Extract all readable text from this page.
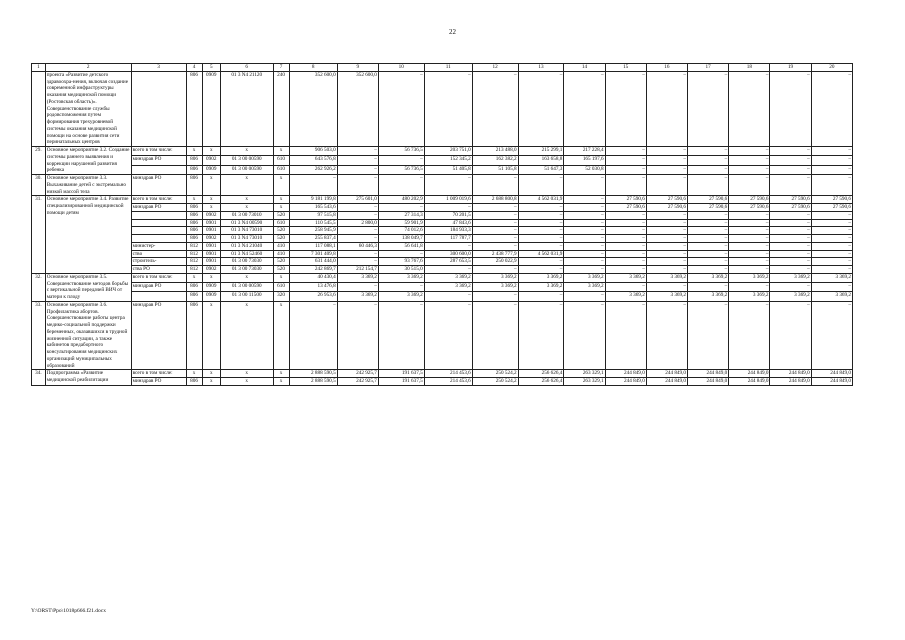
22
1	2	3	4	5	6	7	8	9	10	11	12	13	14	15	16	17	18	19	20
	проекта «Развитие детского здравоохра-нения, включая создание современной инфраструктуры оказания медицинской помощи (Ростовская область)». Совершенствование службы родовспоможения путем формирования трехуровневой системы оказания медицинской помощи на основе развития сети перинатальных центров		806	0909	01 3 N4 21120	240	352 600,0	352 600,0	–	–	–	–	–	–	–	–	–	–	–
29.	Основное мероприятие 3.2. Создание системы раннего выявления и коррекции нарушений развития ребенка	всего в том числе:	x	x	x	x	906 503,0	–	56 736,5	203 751,0	213 488,0	215 299,1	217 228,4	–	–	–	–	–	–
		минздрав РО	806	0902	01 3 00 00590	610	643 576,8	–	–	152 345,2	162 382,2	163 658,8	165 197,6	–	–	–	–	–	–
			806	0909	01 3 00 00590	610	262 926,2	–	56 736,5	51 405,8	51 105,8	51 647,3	52 030,8	–	–	–	–	–	–
30.	Основное мероприятие 3.3. Выхаживание детей с экстремально низкой массой тела	минздрав РО	806	x	x	x	–	–	–	–	–	–	–	–	–	–	–	–	–
31.	Основное мероприятие 3.4. Развитие специализированной медицинской помощи детям	всего в том числе:	x	x	x	x	9 181 199,8	275 601,0	480 202,9	1 009 019,6	2 688 800,8	4 562 031,9	–	27 590,6	27 590,6	27 590,6	27 590,6	27 590,6	27 590,6
		минздрав РО	806	x	x	x	165 543,6	–	–	–	–	–	–	27 590,6	27 590,6	27 590,6	27 590,6	27 590,6	27 590,6
			806	0902	01 3 00 73010	520	97 515,8	–	27 314,3	70 201,5	–	–	–	–	–	–	–	–	–
			806	0901	01 3 N4 00590	610	110 545,5	2 800,0	59 901,9	47 843,6	–	–	–	–	–	–	–	–	–
			806	0901	01 3 N4 73010	520	258 945,9	–	74 012,6	184 933,3	–	–	–	–	–	–	–	–	–
			806	0902	01 3 N4 73010	520	255 837,4	–	138 049,7	117 787,7	–	–	–	–	–	–	–	–	–
		министер-	812	0901	01 3 N4 21040	410	117 088,1	60 446,3	56 641,8	–	–	–	–	–	–	–	–	–	–
		ство	812	0901	01 3 N4 52460	410	7 301 409,8	–	–	300 600,0	2 438 777,9	4 562 031,9	–	–	–	–	–	–	–
		строитель-	812	0901	01 3 00 73030	520	631 444,0	–	93 767,6	287 653,5	250 022,9	–	–	–	–	–	–	–	–
		ства РО	812	0902	01 3 00 73030	520	242 869,7	212 154,7	30 515,0	–	–	–	–	–	–	–	–	–	–
32.	Основное мероприятие 3.5. Совершенствование методов борьбы с вертикальной передачей ВИЧ от матери к плоду	всего в том числе:	x	x	x	x	40 430,4	3 369,2	3 369,2	3 369,2	3 369,2	3 369,2	3 369,2	3 369,2	3 369,2	3 369,2	3 369,2	3 369,2	3 369,2
		минздрав РО	806	0909	01 3 00 00590	610	13 476,8	–	–	3 369,2	3 369,2	3 369,2	3 369,2	–	–	–	–	–	–
			806	0909	01 3 00 11500	320	26 953,6	3 369,2	3 369,2	–	–	–	–	3 369,2	3 369,2	3 369,2	3 369,2	3 369,2	3 369,2
33.	Основное мероприятие 3.6. Профилактика абортов. Совершенствование работы центра медико-социальной поддержки беременных, оказавшихся в трудной жизненной ситуации, а также кабинетов предабортного консультирования медицинских организаций муниципальных образований	минздрав РО	806	x	x	x	–	–	–	–	–	–	–	–	–	–	–	–	–
34.	Подпрограмма «Развитие медицинской реабилитации	всего в том числе:	x	x	x	x	2 888 590,5	242 925,7	191 637,5	214 453,6	250 524,2	256 626,4	263 329,1	244 849,0	244 849,0	244 849,0	244 849,0	244 849,0	244 849,0
		минздрав РО	806	x	x	x	2 888 590,5	242 925,7	191 637,5	214 453,6	250 524,2	256 626,4	263 329,1	244 849,0	244 849,0	244 849,0	244 849,0	244 849,0	244 849,0
Y:\ORST\Ppo\1018p666.f21.docx
